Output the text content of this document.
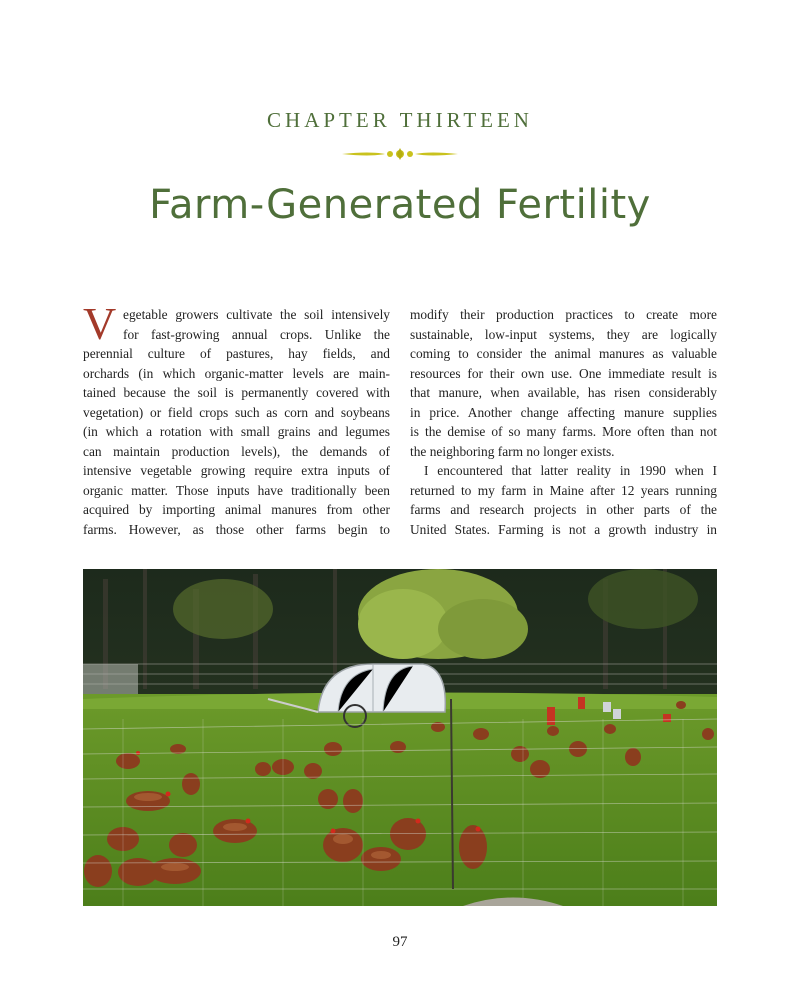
CHAPTER THIRTEEN
Farm-Generated Fertility
V egetable growers cultivate the soil intensively
for fast-growing annual crops. Unlike the
perennial culture of pastures, hay fields, and
orchards (in which organic-matter levels are main-
tained because the soil is permanently covered with
vegetation) or field crops such as corn and soybeans
(in which a rotation with small grains and legumes
can maintain production levels), the demands of
intensive vegetable growing require extra inputs of
organic matter. Those inputs have traditionally been
acquired by importing animal manures from other
farms. However, as those other farms begin to
modify their production practices to create more
sustainable, low-input systems, they are logically
coming to consider the animal manures as valuable
resources for their own use. One immediate result is
that manure, when available, has risen considerably
in price. Another change affecting manure supplies
is the demise of so many farms. More often than not
the neighboring farm no longer exists.
I encountered that latter reality in 1990 when I
returned to my farm in Maine after 12 years running
farms and research projects in other parts of the
United States. Farming is not a growth industry in
97
